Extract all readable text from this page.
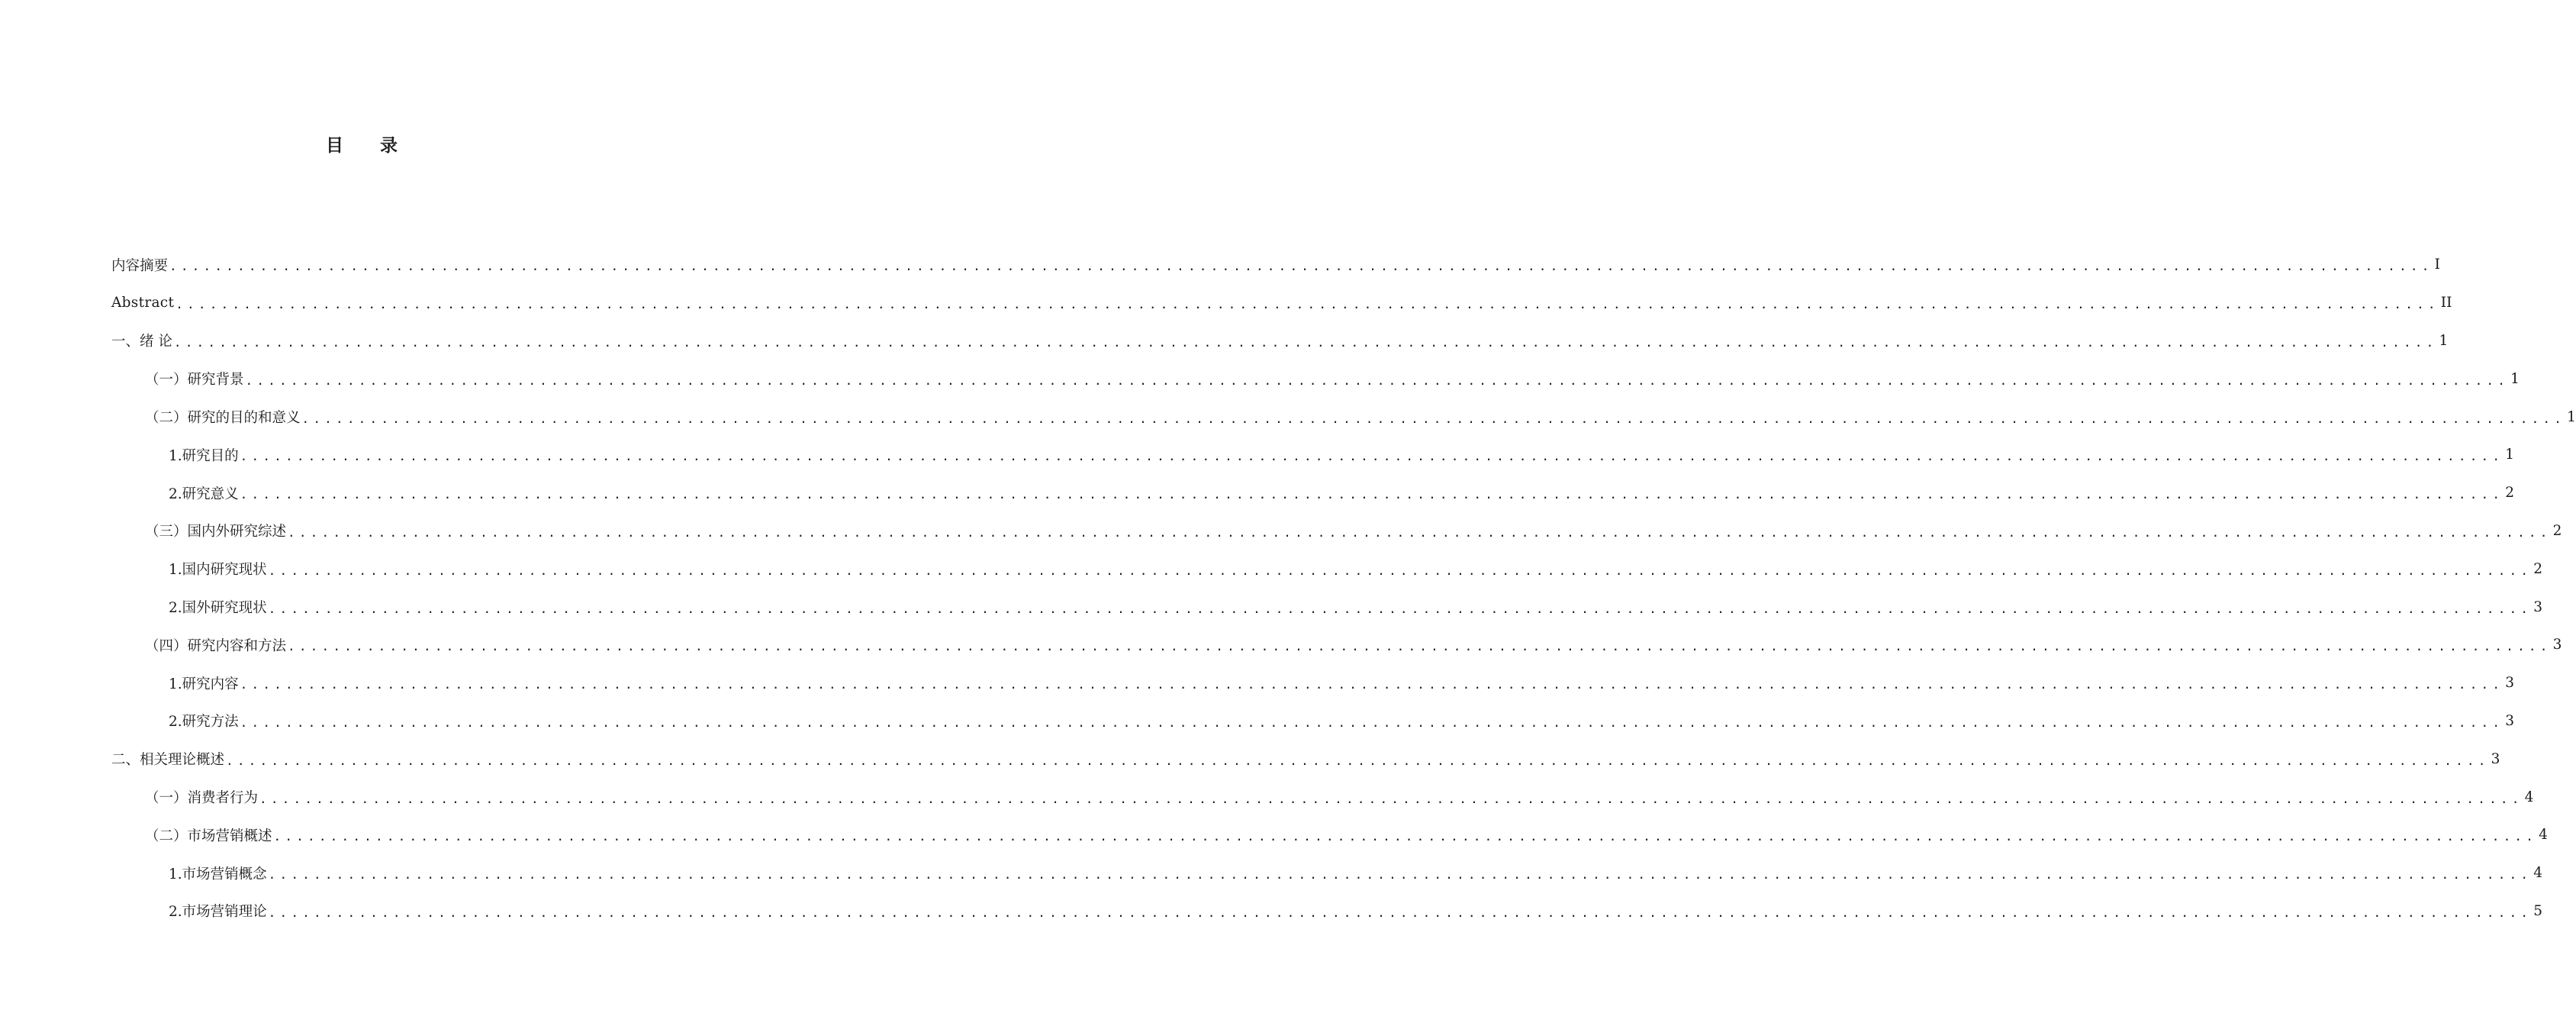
目 录
内容摘要 ........................................................................................................................................................................................................ I
Abstract ........................................................................................................................................................................................................ II
一、绪 论 ........................................................................................................................................................................................................ 1
（一）研究背景 ........................................................................................................................................................................................................ 1
（二）研究的目的和意义 ........................................................................................................................................................................................................ 1
1.研究目的 ........................................................................................................................................................................................................ 1
2.研究意义 ........................................................................................................................................................................................................ 2
（三）国内外研究综述 ........................................................................................................................................................................................................ 2
1.国内研究现状 ........................................................................................................................................................................................................ 2
2.国外研究现状 ........................................................................................................................................................................................................ 3
（四）研究内容和方法 ........................................................................................................................................................................................................ 3
1.研究内容 ........................................................................................................................................................................................................ 3
2.研究方法 ........................................................................................................................................................................................................ 3
二、相关理论概述 ........................................................................................................................................................................................................ 3
（一）消费者行为 ........................................................................................................................................................................................................ 4
（二）市场营销概述 ........................................................................................................................................................................................................ 4
1.市场营销概念 ........................................................................................................................................................................................................ 4
2.市场营销理论 ........................................................................................................................................................................................................ 5
